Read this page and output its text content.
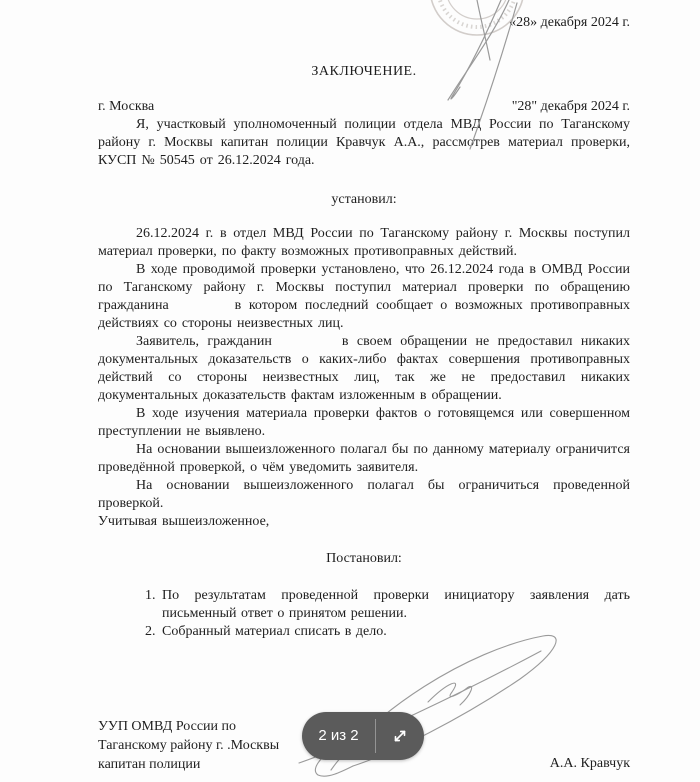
«28» декабря 2024 г.
ЗАКЛЮЧЕНИЕ.
г. Москва	"28" декабря 2024 г.

Я, участковый уполномоченный полиции отдела МВД России по Таганскому району г. Москвы капитан полиции Кравчук А.А., рассмотрев материал проверки, КУСП № 50545 от 26.12.2024 года.

установил:

26.12.2024 г. в отдел МВД России по Таганскому району г. Москвы поступил материал проверки, по факту возможных противоправных действий.

В ходе проводимой проверки установлено, что 26.12.2024 года в ОМВД России по Таганскому району г. Москвы поступил материал проверки по обращению гражданина	в котором последний сообщает о возможных противоправных действиях со стороны неизвестных лиц.

Заявитель, гражданин	в своем обращении не предоставил никаких документальных доказательств о каких-либо фактах совершения противоправных действий со стороны неизвестных лиц, так же не предоставил никаких документальных доказательств фактам изложенным в обращении.

В ходе изучения материала проверки фактов о готовящемся или совершенном преступлении не выявлено.

На основании вышеизложенного полагал бы по данному материалу ограничится проведённой проверкой, о чём уведомить заявителя.

На основании вышеизложенного полагал бы ограничиться проведенной проверкой.

Учитывая вышеизложенное,

Постановил:
1. По результатам проведенной проверки инициатору заявления дать письменный ответ о принятом решении.
2. Собранный материал списать в дело.
УУП ОМВД России по
Таганскому району г. .Москвы
капитан полиции	А.А. Кравчук
2 из 2
